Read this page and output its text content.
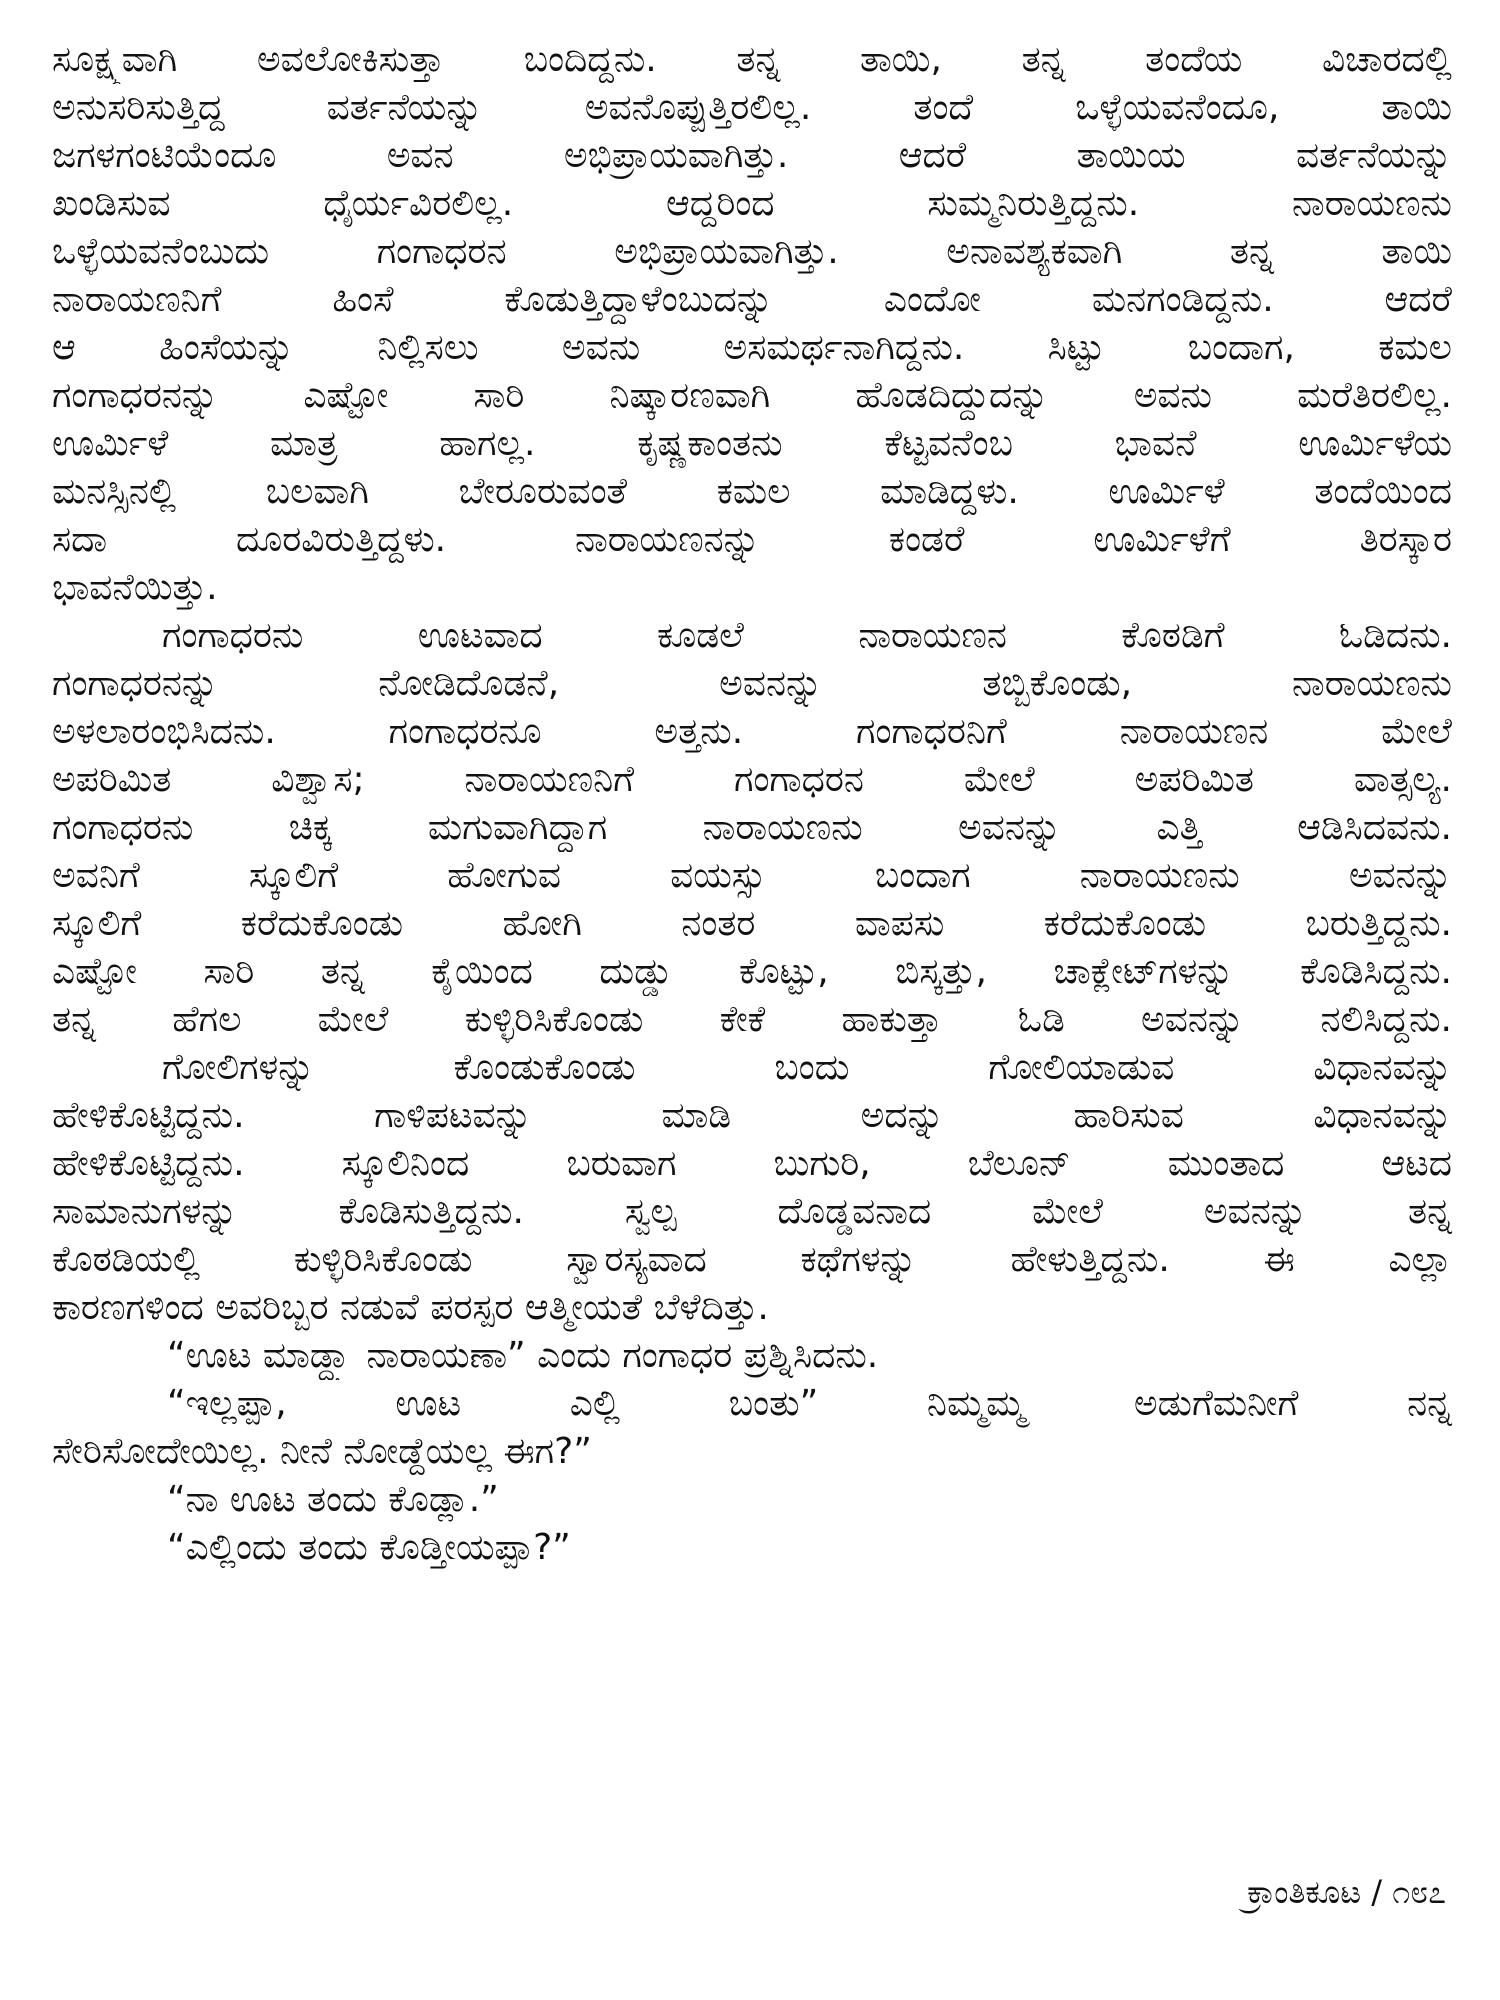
ಸೂಕ್ಷ್ಮವಾಗಿ ಅವಲೋಕಿಸುತ್ತಾ ಬಂದಿದ್ದನು. ತನ್ನ ತಾಯಿ, ತನ್ನ ತಂದೆಯ ವಿಚಾರದಲ್ಲಿ

ಅನುಸರಿಸುತ್ತಿದ್ದ ವರ್ತನೆಯನ್ನು ಅವನೊಪ್ಪುತ್ತಿರಲಿಲ್ಲ. ತಂದೆ ಒಳ್ಳೆಯವನೆಂದೂ, ತಾಯಿ

ಜಗಳಗಂಟಿಯೆಂದೂ ಅವನ ಅಭಿಪ್ರಾಯವಾಗಿತ್ತು. ಆದರೆ ತಾಯಿಯ ವರ್ತನೆಯನ್ನು

ಖಂಡಿಸುವ ಧೈರ್ಯವಿರಲಿಲ್ಲ. ಆದ್ದರಿಂದ ಸುಮ್ಮನಿರುತ್ತಿದ್ದನು. ನಾರಾಯಣನು

ಒಳ್ಳೆಯವನೆಂಬುದು ಗಂಗಾಧರನ ಅಭಿಪ್ರಾಯವಾಗಿತ್ತು. ಅನಾವಶ್ಯಕವಾಗಿ ತನ್ನ ತಾಯಿ

ನಾರಾಯಣನಿಗೆ ಹಿಂಸೆ ಕೊಡುತ್ತಿದ್ದಾಳೆಂಬುದನ್ನು ಎಂದೋ ಮನಗಂಡಿದ್ದನು. ಆದರೆ

ಆ ಹಿಂಸೆಯನ್ನು ನಿಲ್ಲಿಸಲು ಅವನು ಅಸಮರ್ಥನಾಗಿದ್ದನು. ಸಿಟ್ಟು ಬಂದಾಗ, ಕಮಲ

ಗಂಗಾಧರನನ್ನು ಎಷ್ಟೋ ಸಾರಿ ನಿಷ್ಕಾರಣವಾಗಿ ಹೊಡದಿದ್ದುದನ್ನು ಅವನು ಮರೆತಿರಲಿಲ್ಲ.

ಊರ್ಮಿಳೆ ಮಾತ್ರ ಹಾಗಲ್ಲ. ಕೃಷ್ಣಕಾಂತನು ಕೆಟ್ಟವನೆಂಬ ಭಾವನೆ ಊರ್ಮಿಳೆಯ

ಮನಸ್ಸಿನಲ್ಲಿ ಬಲವಾಗಿ ಬೇರೂರುವಂತೆ ಕಮಲ ಮಾಡಿದ್ದಳು. ಊರ್ಮಿಳೆ ತಂದೆಯಿಂದ

ಸದಾ ದೂರವಿರುತ್ತಿದ್ದಳು. ನಾರಾಯಣನನ್ನು ಕಂಡರೆ ಊರ್ಮಿಳೆಗೆ ತಿರಸ್ಕಾರ

ಭಾವನೆಯಿತ್ತು.

ಗಂಗಾಧರನು ಊಟವಾದ ಕೂಡಲೆ ನಾರಾಯಣನ ಕೊಠಡಿಗೆ ಓಡಿದನು.

ಗಂಗಾಧರನನ್ನು ನೋಡಿದೊಡನೆ, ಅವನನ್ನು ತಬ್ಬಿಕೊಂಡು, ನಾರಾಯಣನು

ಅಳಲಾರಂಭಿಸಿದನು. ಗಂಗಾಧರನೂ ಅತ್ತನು. ಗಂಗಾಧರನಿಗೆ ನಾರಾಯಣನ ಮೇಲೆ

ಅಪರಿಮಿತ ವಿಶ್ವಾಸ; ನಾರಾಯಣನಿಗೆ ಗಂಗಾಧರನ ಮೇಲೆ ಅಪರಿಮಿತ ವಾತ್ಸಲ್ಯ.

ಗಂಗಾಧರನು ಚಿಕ್ಕ ಮಗುವಾಗಿದ್ದಾಗ ನಾರಾಯಣನು ಅವನನ್ನು ಎತ್ತಿ ಆಡಿಸಿದವನು.

ಅವನಿಗೆ ಸ್ಕೂಲಿಗೆ ಹೋಗುವ ವಯಸ್ಸು ಬಂದಾಗ ನಾರಾಯಣನು ಅವನನ್ನು

ಸ್ಕೂಲಿಗೆ ಕರೆದುಕೊಂಡು ಹೋಗಿ ನಂತರ ವಾಪಸು ಕರೆದುಕೊಂಡು ಬರುತ್ತಿದ್ದನು.

ಎಷ್ಟೋ ಸಾರಿ ತನ್ನ ಕೈಯಿಂದ ದುಡ್ಡು ಕೊಟ್ಟು, ಬಿಸ್ಕತ್ತು, ಚಾಕ್ಲೇಟ್‌ಗಳನ್ನು ಕೊಡಿಸಿದ್ದನು.

ತನ್ನ ಹೆಗಲ ಮೇಲೆ ಕುಳ್ಳಿರಿಸಿಕೊಂಡು ಕೇಕೆ ಹಾಕುತ್ತಾ ಓಡಿ ಅವನನ್ನು ನಲಿಸಿದ್ದನು.

ಗೋಲಿಗಳನ್ನು ಕೊಂಡುಕೊಂಡು ಬಂದು ಗೋಲಿಯಾಡುವ ವಿಧಾನವನ್ನು

ಹೇಳಿಕೊಟ್ಟಿದ್ದನು. ಗಾಳಿಪಟವನ್ನು ಮಾಡಿ ಅದನ್ನು ಹಾರಿಸುವ ವಿಧಾನವನ್ನು

ಹೇಳಿಕೊಟ್ಟಿದ್ದನು. ಸ್ಕೂಲಿನಿಂದ ಬರುವಾಗ ಬುಗುರಿ, ಬೆಲೂನ್ ಮುಂತಾದ ಆಟದ

ಸಾಮಾನುಗಳನ್ನು ಕೊಡಿಸುತ್ತಿದ್ದನು. ಸ್ವಲ್ಪ ದೊಡ್ಡವನಾದ ಮೇಲೆ ಅವನನ್ನು ತನ್ನ

ಕೊಠಡಿಯಲ್ಲಿ ಕುಳ್ಳಿರಿಸಿಕೊಂಡು ಸ್ವಾರಸ್ಯವಾದ ಕಥೆಗಳನ್ನು ಹೇಳುತ್ತಿದ್ದನು. ಈ ಎಲ್ಲಾ

ಕಾರಣಗಳಿಂದ ಅವರಿಬ್ಬರ ನಡುವೆ ಪರಸ್ಪರ ಆತ್ಮೀಯತೆ ಬೆಳೆದಿತ್ತು.

“ಊಟ ಮಾಡ್ದ್ಯಾ ನಾರಾಯಣಾ” ಎಂದು ಗಂಗಾಧರ ಪ್ರಶ್ನಿಸಿದನು.

“ಇಲ್ಲಪ್ಪಾ, ಊಟ ಎಲ್ಲಿ ಬಂತು” ನಿಮ್ಮಮ್ಮ ಅಡುಗೆಮನೀಗೆ ನನ್ನ

ಸೇರಿಸೋದೇಯಿಲ್ಲ. ನೀನೆ ನೋಡ್ದೆಯಲ್ಲ ಈಗ?”

“ನಾ ಊಟ ತಂದು ಕೊಡ್ಲಾ.”

“ಎಲ್ಲಿಂದು ತಂದು ಕೊಡ್ತೀಯಪ್ಪಾ?”

ಕ್ರಾಂತಿಕೂಟ / ೧೮೭
